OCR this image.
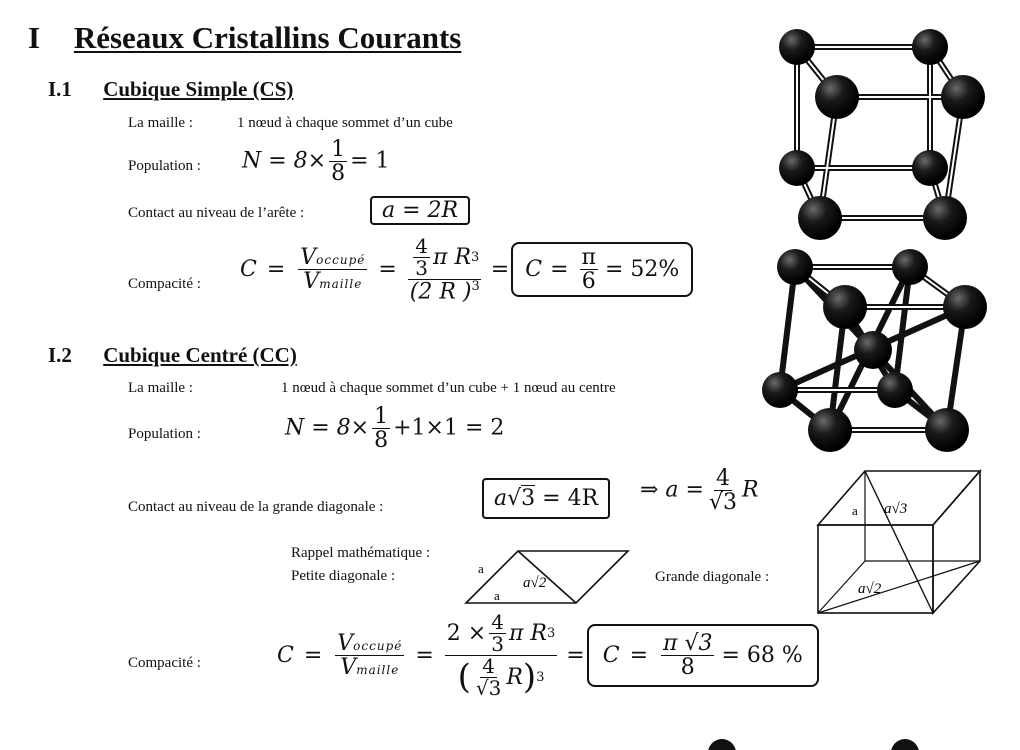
I Réseaux Cristallins Courants
I.1 Cubique Simple (CS)
La maille :	1 nœud à chaque sommet d’un cube
Population : $N = 8\times \frac{1}{8} = 1$
Contact au niveau de l’arête :	a = 2R
Compacité :
$C = \frac{\text{Voccupé}}{\text{Vmaille}} = \frac{\frac{4}{3} \pi R 3}{(2 R )^3} = C = \frac{\pi}{6} = 52\%$
I.2 Cubique Centré (CC)
La maille :	1 nœud à chaque sommet d’un cube + 1 nœud au centre
Population :	$N = 8\times \frac{1}{8} +1\times 1 = 2$
Contact au niveau de la grande diagonale :	a√3 = 4R	⇒ $a = \frac{4}{√3}$ R
Rappel mathématique :
Petite diagonale :	Grande diagonale :
a
a
a√2
a a√3
a√2
Compacité :	$C = \frac{\text{Voccupé}}{\text{Vmaille}} = \frac{2 \times \frac{4}{3} \pi R 3}{( \frac{4}{√3} R ) 3} = C = \frac{\pi √3}{8} = 68$ %
